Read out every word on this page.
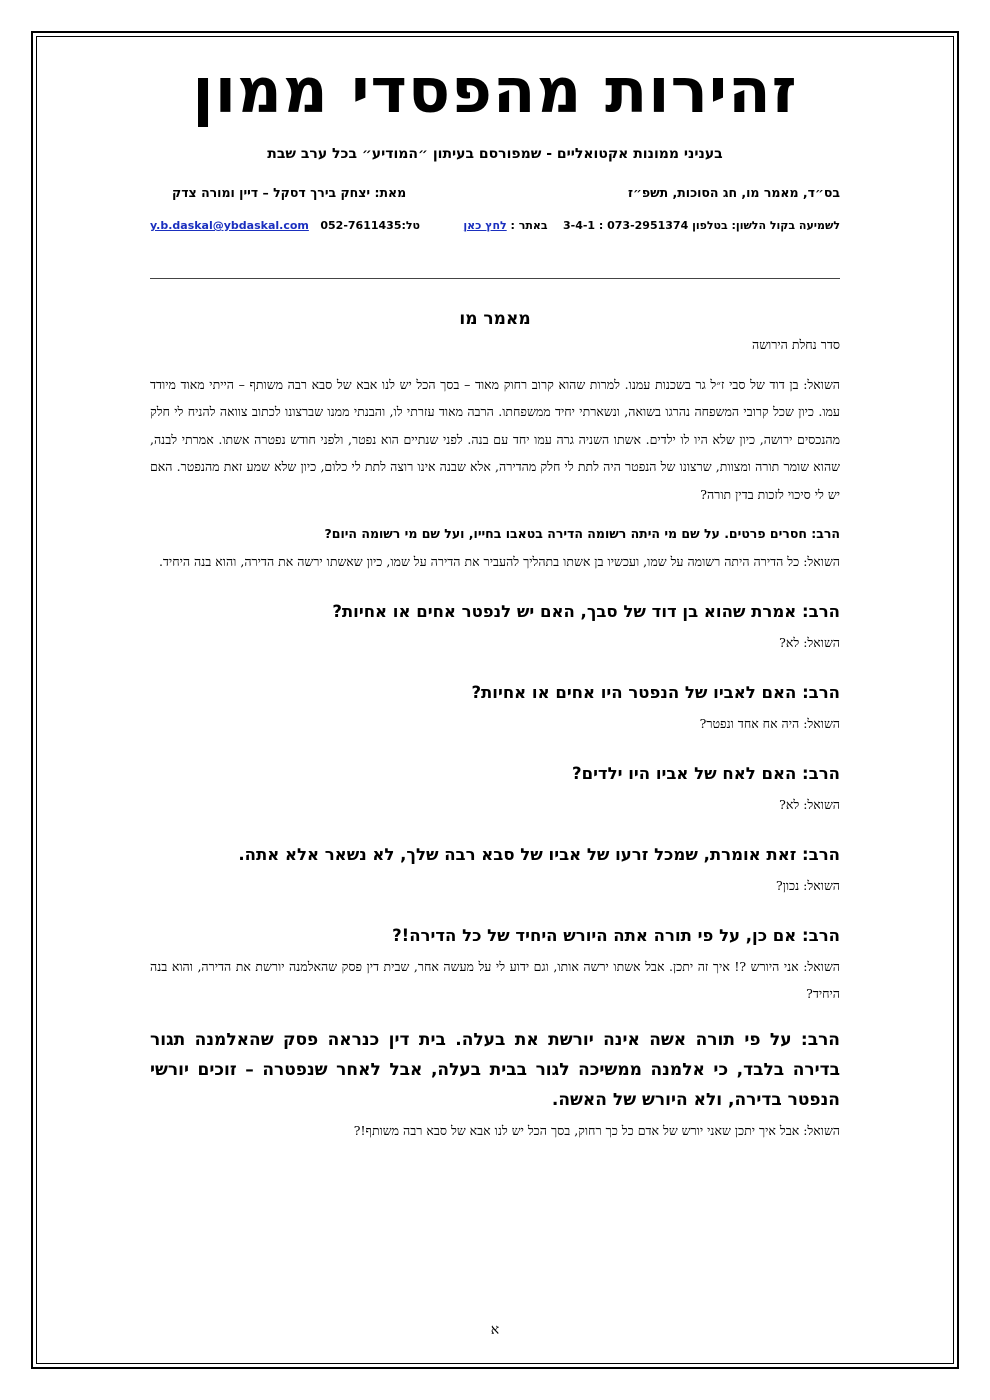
זהירות מהפסדי ממון
בעניני ממונות אקטואליים - שמפורסם בעיתון ״המודיע״ בכל ערב שבת
בס״ד, מאמר מו, חג הסוכות, תשפ״ז
מאת: יצחק בירך דסקל – דיין ומורה צדק
לשמיעה בקול הלשון: בטלפון 073-2951374 : 3-4-1    באתר : לחץ כאן
טל:052-7611435   y.b.daskal@ybdaskal.com
מאמר מו
סדר נחלת הירושה

השואל: בן דוד של סבי ז״ל גר בשכנות עמנו. למרות שהוא קרוב רחוק מאוד – בסך הכל יש לנו אבא של סבא רבה משותף – הייתי מאוד מיודד עמו. כיון שכל קרובי המשפחה נהרגו בשואה, ונשארתי יחיד ממשפחתו. הרבה מאוד עזרתי לו, והבנתי ממנו שברצונו לכתוב צוואה להניח לי חלק מהנכסים ירושה, כיון שלא היו לו ילדים. אשתו השניה גרה עמו יחד עם בנה. לפני שנתיים הוא נפטר, ולפני חודש נפטרה אשתו. אמרתי לבנה, שהוא שומר תורה ומצוות, שרצונו של הנפטר היה לתת לי חלק מהדירה, אלא שבנה אינו רוצה לתת לי כלום, כיון שלא שמע זאת מהנפטר. האם יש לי סיכוי לזכות בדין תורה?

הרב: חסרים פרטים. על שם מי היתה רשומה הדירה בטאבו בחייו, ועל שם מי רשומה היום?

השואל: כל הדירה היתה רשומה על שמו, ועכשיו בן אשתו בתהליך להעביר את הדירה על שמו, כיון שאשתו ירשה את הדירה, והוא בנה היחיד.

הרב: אמרת שהוא בן דוד של סבך, האם יש לנפטר אחים או אחיות?

השואל: לא?

הרב: האם לאביו של הנפטר היו אחים או אחיות?

השואל: היה אח אחד ונפטר?

הרב: האם לאח של אביו היו ילדים?

השואל: לא?

הרב: זאת אומרת, שמכל זרעו של אביו של סבא רבה שלך, לא נשאר אלא אתה.

השואל: נכון?

הרב: אם כן, על פי תורה אתה היורש היחיד של כל הדירה!?

השואל: אני היורש ?! איך זה יתכן. אבל אשתו ירשה אותו, וגם ידוע לי על מעשה אחר, שבית דין פסק שהאלמנה יורשת את הדירה, והוא בנה היחיד?

הרב: על פי תורה אשה אינה יורשת את בעלה. בית דין כנראה פסק שהאלמנה תגור בדירה בלבד, כי אלמנה ממשיכה לגור בבית בעלה, אבל לאחר שנפטרה – זוכים יורשי הנפטר בדירה, ולא היורש של האשה.

השואל: אבל איך יתכן שאני יורש של אדם כל כך רחוק, בסך הכל יש לנו אבא של סבא רבה משותף!?

א
